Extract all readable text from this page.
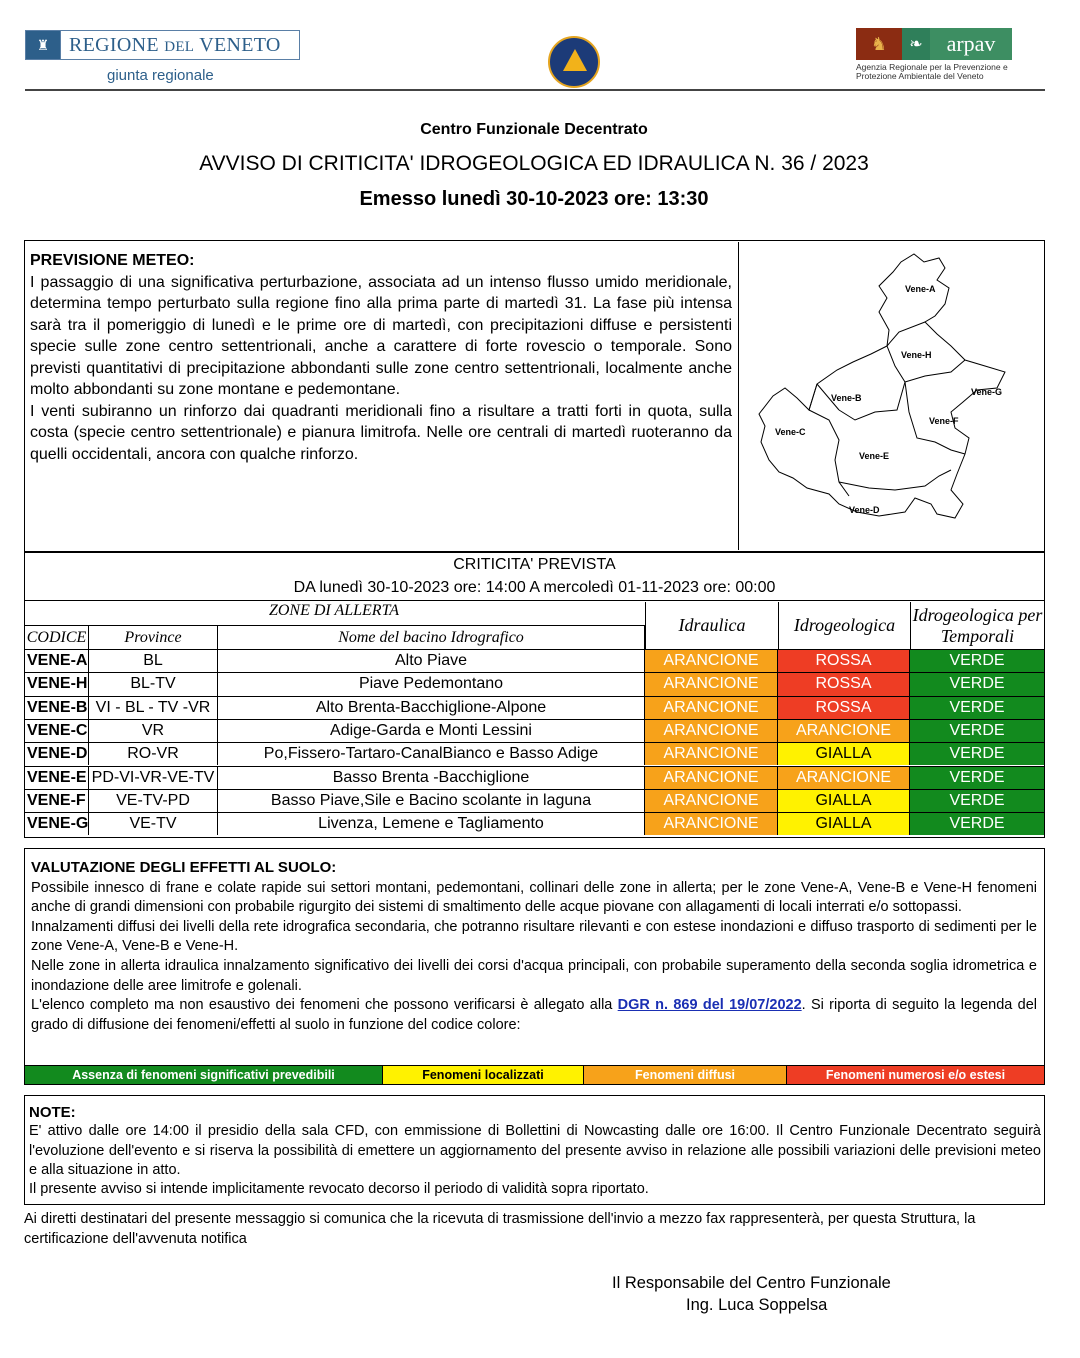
♜ REGIONE DEL VENETO
giunta regionale
♞	❧	arpav
Agenzia Regionale per la Prevenzione e Protezione Ambientale del Veneto
Centro Funzionale Decentrato
AVVISO DI CRITICITA' IDROGEOLOGICA ED IDRAULICA N. 36 / 2023
Emesso lunedì 30-10-2023 ore: 13:30
PREVISIONE METEO:

I passaggio di una significativa perturbazione, associata ad un intenso flusso umido meridionale, determina tempo perturbato sulla regione fino alla prima parte di martedì 31. La fase più intensa sarà tra il pomeriggio di lunedì e le prime ore di martedì, con precipitazioni diffuse e persistenti specie sulle zone centro settentrionali, anche a carattere di forte rovescio o temporale. Sono previsti quantitativi di precipitazione abbondanti sulle zone centro settentrionali, localmente anche molto abbondanti su zone montane e pedemontane.

I venti subiranno un rinforzo dai quadranti meridionali fino a risultare a tratti forti in quota, sulla costa (specie centro settentrionale) e pianura limitrofa. Nelle ore centrali di martedì ruoteranno da quelli occidentali, ancora con qualche rinforzo.

Vene-A
Vene-H
Vene-B
Vene-G
Vene-F
Vene-C
Vene-E
Vene-D
CRITICITA' PREVISTA
DA lunedì 30-10-2023 ore: 14:00 A mercoledì 01-11-2023 ore: 00:00
ZONE DI ALLERTA
CODICE	Province	Nome del bacino Idrografico
Idraulica	Idrogeologica
Idrogeologica per Temporali
VENE-A	BL	Alto Piave	ARANCIONE	ROSSA	VERDE
VENE-H	BL-TV	Piave Pedemontano	ARANCIONE	ROSSA	VERDE
VENE-B VI - BL - TV -VR	Alto Brenta-Bacchiglione-Alpone	ARANCIONE	ROSSA	VERDE
VENE-C	VR	Adige-Garda e Monti Lessini	ARANCIONE	ARANCIONE	VERDE
VENE-D	RO-VR	Po,Fissero-Tartaro-CanalBianco e Basso Adige	ARANCIONE	GIALLA	VERDE
VENE-E PD-VI-VR-VE-TV	Basso Brenta -Bacchiglione	ARANCIONE	ARANCIONE	VERDE
VENE-F	VE-TV-PD	Basso Piave,Sile e Bacino scolante in laguna	ARANCIONE	GIALLA	VERDE
VENE-G	VE-TV	Livenza, Lemene e Tagliamento	ARANCIONE	GIALLA	VERDE
VALUTAZIONE DEGLI EFFETTI AL SUOLO:

Possibile innesco di frane e colate rapide sui settori montani, pedemontani, collinari delle zone in allerta; per le zone Vene-A, Vene-B e Vene-H fenomeni anche di grandi dimensioni con probabile rigurgito dei sistemi di smaltimento delle acque piovane con allagamenti di locali interrati e/o sottopassi.

Innalzamenti diffusi dei livelli della rete idrografica secondaria, che potranno risultare rilevanti e con estese inondazioni e diffuso trasporto di sedimenti per le zone Vene-A, Vene-B e Vene-H.

Nelle zone in allerta idraulica innalzamento significativo dei livelli dei corsi d'acqua principali, con probabile superamento della seconda soglia idrometrica e inondazione delle aree limitrofe e golenali.

L'elenco completo ma non esaustivo dei fenomeni che possono verificarsi è allegato alla DGR n. 869 del 19/07/2022. Si riporta di seguito la legenda del grado di diffusione dei fenomeni/effetti al suolo in funzione del codice colore:

Assenza di fenomeni significativi prevedibili	Fenomeni localizzati	Fenomeni diffusi	Fenomeni numerosi e/o estesi
NOTE:

E' attivo dalle ore 14:00 il presidio della sala CFD, con emmissione di Bollettini di Nowcasting dalle ore 16:00. Il Centro Funzionale Decentrato seguirà l'evoluzione dell'evento e si riserva la possibilità di emettere un aggiornamento del presente avviso in relazione alle possibili variazioni delle previsioni meteo e alla situazione in atto.

Il presente avviso si intende implicitamente revocato decorso il periodo di validità sopra riportato.

Ai diretti destinatari del presente messaggio si comunica che la ricevuta di trasmissione dell'invio a mezzo fax rappresenterà, per questa Struttura, la certificazione dell'avvenuta notifica
Il Responsabile del Centro Funzionale
Ing. Luca Soppelsa
